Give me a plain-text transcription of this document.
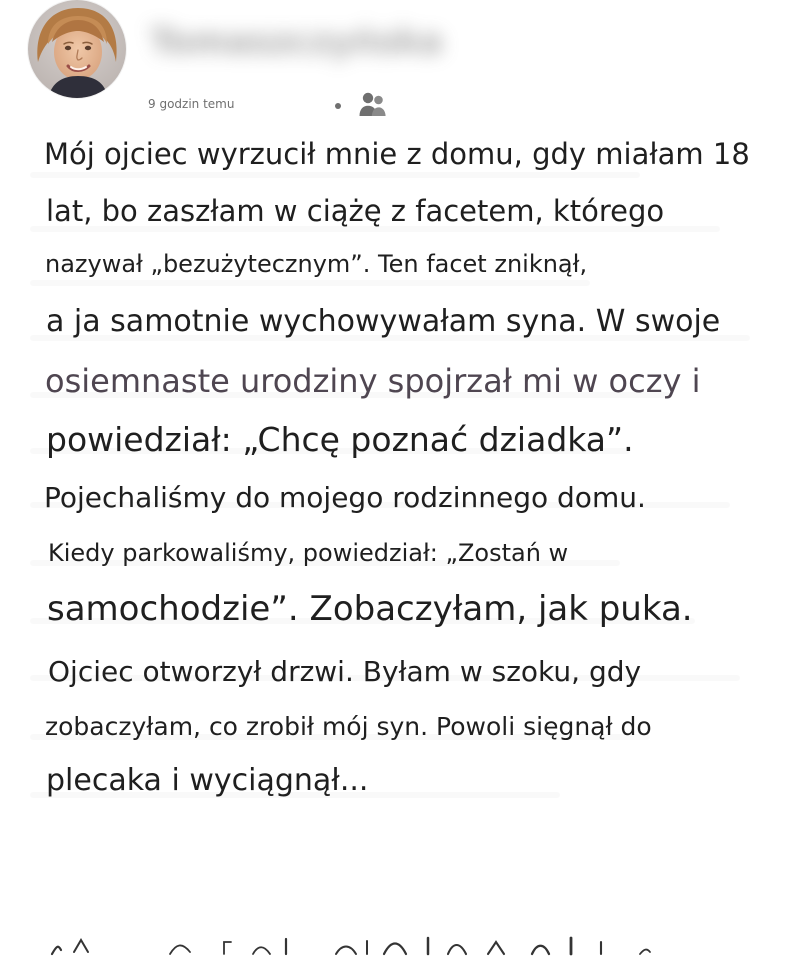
Tomaszczyńska
9 godzin temu
Mój ojciec wyrzucił mnie z domu, gdy miałam 18
lat, bo zaszłam w ciążę z facetem, którego
nazywał „bezużytecznym”. Ten facet zniknął,
a ja samotnie wychowywałam syna. W swoje
osiemnaste urodziny spojrzał mi w oczy i
powiedział: „Chcę poznać dziadka”.
Pojechaliśmy do mojego rodzinnego domu.
Kiedy parkowaliśmy, powiedział: „Zostań w
samochodzie”. Zobaczyłam, jak puka.
Ojciec otworzył drzwi. Byłam w szoku, gdy
zobaczyłam, co zrobił mój syn. Powoli sięgnął do
plecaka i wyciągnął...
